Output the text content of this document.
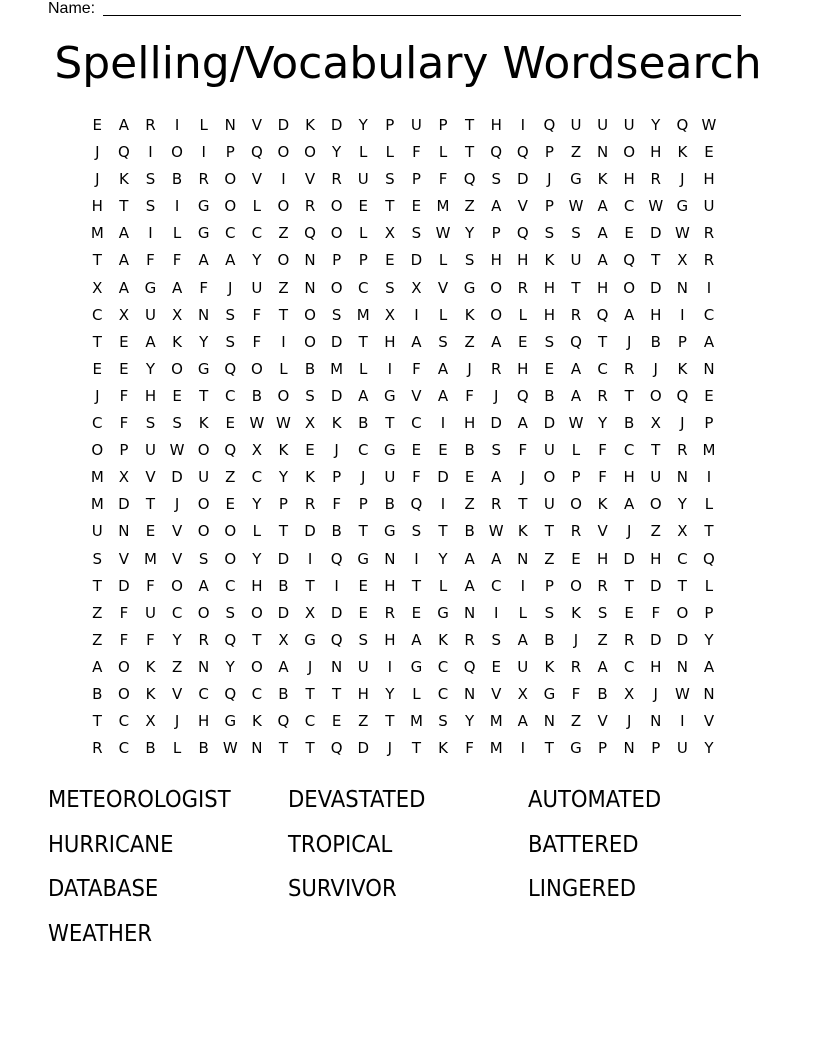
Name:
Spelling/Vocabulary Wordsearch
E	A	R	I	L	N	V	D	K	D	Y	P	U	P	T	H	I	Q	U	U	U	Y	Q W
J	Q	I	O	I	P	Q O O	Y	L	L	F	L	T	Q Q	P	Z	N	O	H	K	E
J	K	S	B	R	O	V	I	V	R	U	S	P	F	Q	S	D	J	G	K	H	R	J	H
H	T	S	I	G O	L	O	R	O	E	T	E	M Z	A	V	P W A	C W G	U
M A	I	L	G	C	C	Z	Q O	L	X	S W Y	P	Q	S	S	A	E	D W R
T	A	F	F	A	A	Y	O	N	P	P	E	D	L	S	H	H	K	U	A	Q	T	X	R
X	A	G	A	F	J	U	Z	N	O	C	S	X	V	G O	R	H	T	H	O D	N	I
C	X	U	X	N	S	F	T	O	S	M X	I	L	K	O	L	H	R	Q	A	H	I	C
T	E	A	K	Y	S	F	I	O D	T	H	A	S	Z	A	E	S	Q	T	J	B	P	A
E	E	Y	O G Q O	L	B M	L	I	F	A	J	R	H	E	A	C	R	J	K	N
J	F	H	E	T	C	B	O	S	D	A	G	V	A	F	J	Q	B	A	R	T	O Q	E
C	F	S	S	K	E W W X	K	B	T	C	I	H	D	A	D W Y	B	X	J	P
O	P	U W O Q	X	K	E	J	C	G	E	E	B	S	F	U	L	F	C	T	R M
M X	V	D	U	Z	C	Y	K	P	J	U	F	D	E	A	J	O	P	F	H	U	N	I
M D	T	J	O	E	Y	P	R	F	P	B	Q	I	Z	R	T	U	O	K	A	O	Y	L
U	N	E	V	O O	L	T	D	B	T	G	S	T	B W K	T	R	V	J	Z	X	T
S	V M V	S	O	Y	D	I	Q G	N	I	Y	A	A	N	Z	E	H	D	H	C	Q
T	D	F	O	A	C	H	B	T	I	E	H	T	L	A	C	I	P	O	R	T	D	T	L
Z	F	U	C	O	S	O D	X	D	E	R	E	G	N	I	L	S	K	S	E	F	O	P
Z	F	F	Y	R	Q	T	X	G Q	S	H	A	K	R	S	A	B	J	Z	R	D	D	Y
A	O	K	Z	N	Y	O	A	J	N	U	I	G	C	Q	E	U	K	R	A	C	H	N	A
B	O	K	V	C	Q	C	B	T	T	H	Y	L	C	N	V	X	G	F	B	X	J	W N
T	C	X	J	H	G	K	Q	C	E	Z	T	M	S	Y	M A	N	Z	V	J	N	I	V
R	C	B	L	B W N	T	T	Q D	J	T	K	F	M	I	T	G	P	N	P	U	Y
METEOROLOGIST
HURRICANE
DATABASE
WEATHER
DEVASTATED
TROPICAL
SURVIVOR
AUTOMATED
BATTERED
LINGERED
